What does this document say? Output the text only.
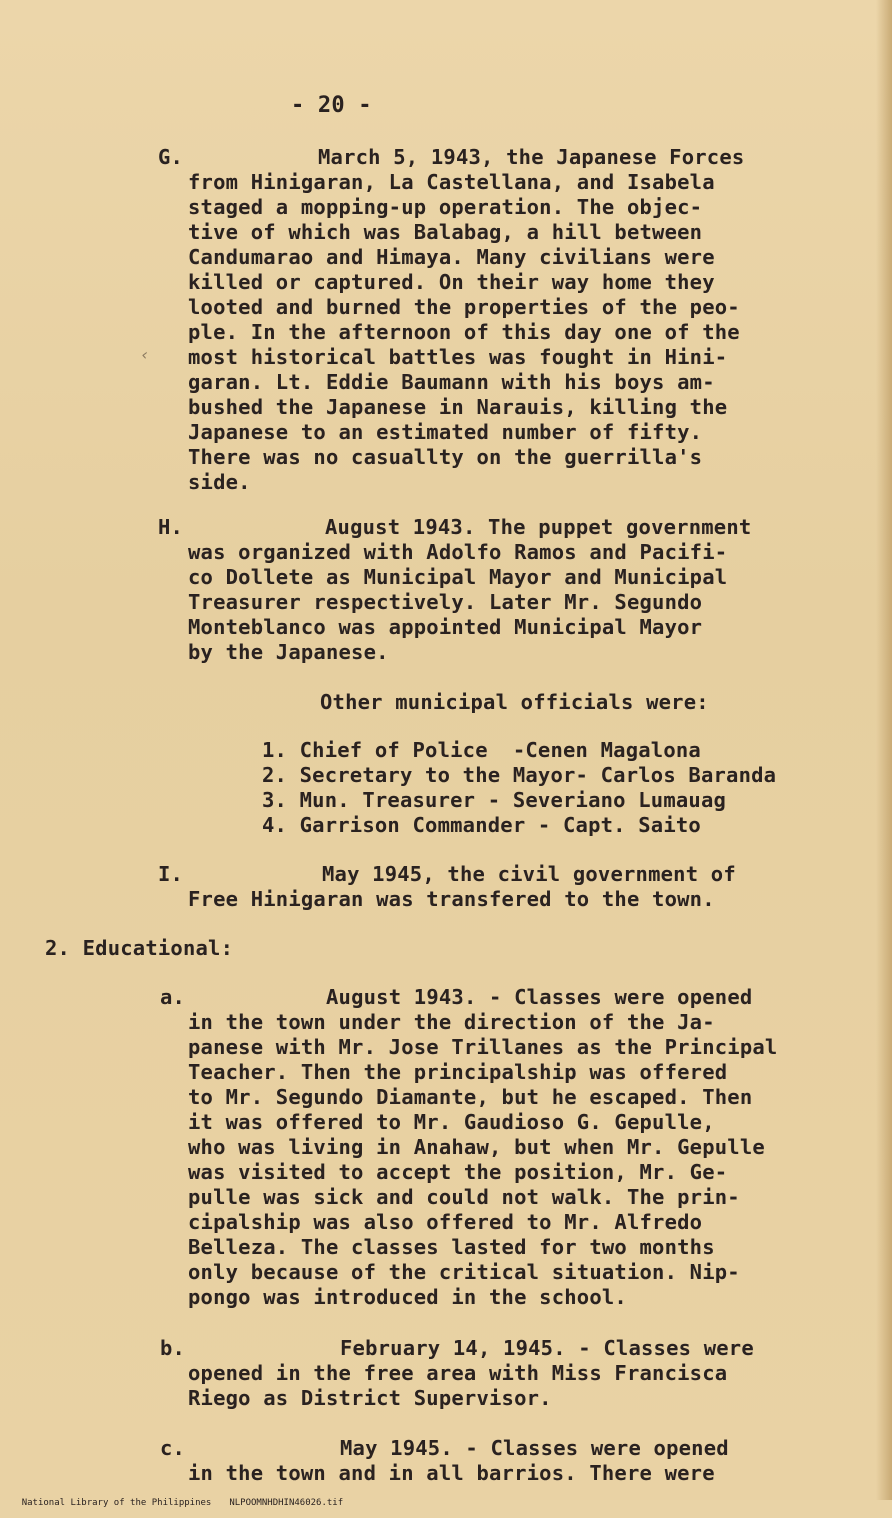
- 20 -
G.	March 5, 1943, the Japanese Forces
from Hinigaran, La Castellana, and Isabela
staged a mopping-up operation. The objec-
tive of which was Balabag, a hill between
Candumarao and Himaya. Many civilians were
killed or captured. On their way home they
looted and burned the properties of the peo-
ple. In the afternoon of this day one of the
‹ most historical battles was fought in Hini-
garan. Lt. Eddie Baumann with his boys am-
bushed the Japanese in Narauis, killing the
Japanese to an estimated number of fifty.
There was no casuallty on the guerrilla's
side.
H.	August 1943. The puppet government
was organized with Adolfo Ramos and Pacifi-
co Dollete as Municipal Mayor and Municipal
Treasurer respectively. Later Mr. Segundo
Monteblanco was appointed Municipal Mayor
by the Japanese.
Other municipal officials were:
1. Chief of Police  -Cenen Magalona
2. Secretary to the Mayor- Carlos Baranda
3. Mun. Treasurer - Severiano Lumauag
4. Garrison Commander - Capt. Saito
I.	May 1945, the civil government of
Free Hinigaran was transfered to the town.
2. Educational:
a.	August 1943. - Classes were opened
in the town under the direction of the Ja-
panese with Mr. Jose Trillanes as the Principal
Teacher. Then the principalship was offered
to Mr. Segundo Diamante, but he escaped. Then
it was offered to Mr. Gaudioso G. Gepulle,
who was living in Anahaw, but when Mr. Gepulle
was visited to accept the position, Mr. Ge-
pulle was sick and could not walk. The prin-
cipalship was also offered to Mr. Alfredo
Belleza. The classes lasted for two months
only because of the critical situation. Nip-
pongo was introduced in the school.
b.	February 14, 1945. - Classes were
opened in the free area with Miss Francisca
Riego as District Supervisor.
c.	May 1945. - Classes were opened
in the town and in all barrios. There were

National Library of the Philippines NLPOOMNHDHIN46026.tif
